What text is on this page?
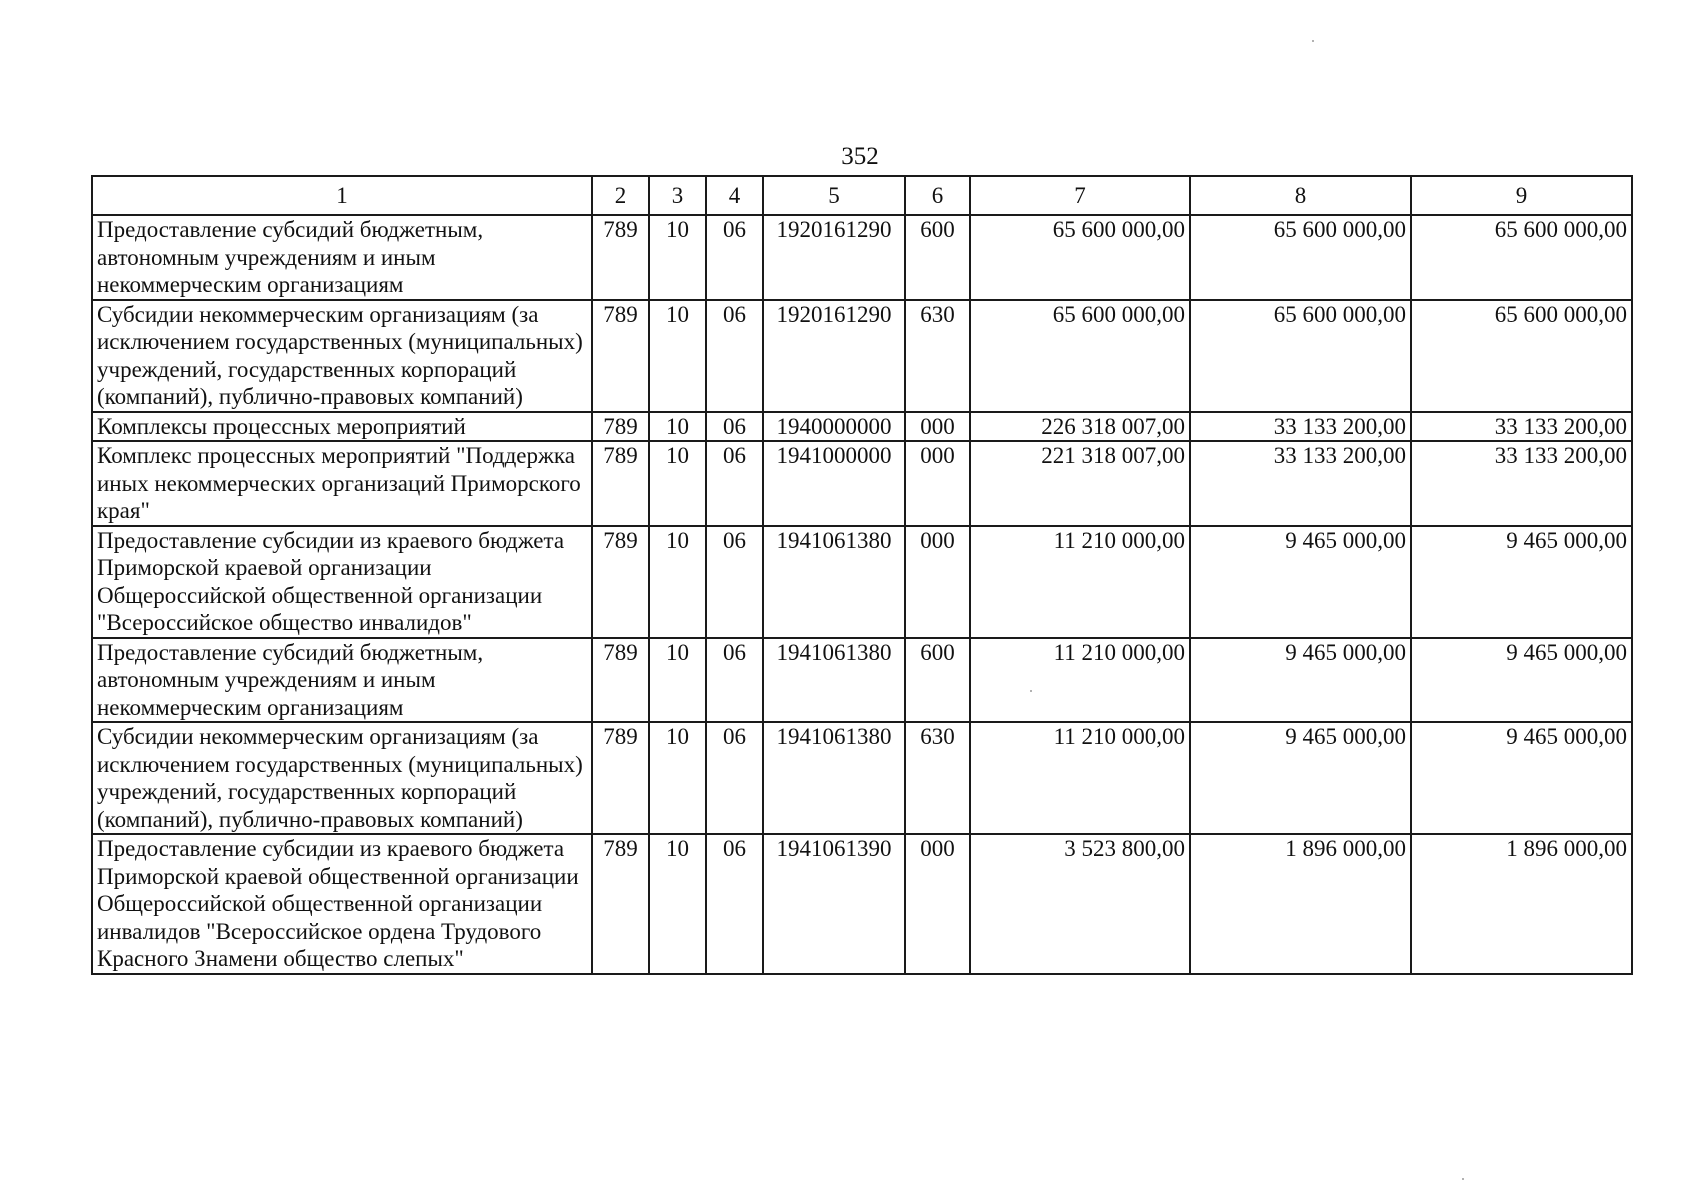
352
1	2	3	4	5	6	7	8	9
Предоставление субсидий бюджетным, автономным учреждениям и иным некоммерческим организациям	789	10	06	1920161290	600	65 600 000,00	65 600 000,00	65 600 000,00
Субсидии некоммерческим организациям (за исключением государственных (муниципальных) учреждений, государственных корпораций (компаний), публично-правовых компаний)	789	10	06	1920161290	630	65 600 000,00	65 600 000,00	65 600 000,00
Комплексы процессных мероприятий	789	10	06	1940000000	000	226 318 007,00	33 133 200,00	33 133 200,00
Комплекс процессных мероприятий "Поддержка иных некоммерческих организаций Приморского края"	789	10	06	1941000000	000	221 318 007,00	33 133 200,00	33 133 200,00
Предоставление субсидии из краевого бюджета Приморской краевой организации Общероссийской общественной организации "Всероссийское общество инвалидов"	789	10	06	1941061380	000	11 210 000,00	9 465 000,00	9 465 000,00
Предоставление субсидий бюджетным, автономным учреждениям и иным некоммерческим организациям	789	10	06	1941061380	600	11 210 000,00	9 465 000,00	9 465 000,00
Субсидии некоммерческим организациям (за исключением государственных (муниципальных) учреждений, государственных корпораций (компаний), публично-правовых компаний)	789	10	06	1941061380	630	11 210 000,00	9 465 000,00	9 465 000,00
Предоставление субсидии из краевого бюджета Приморской краевой общественной организации Общероссийской общественной организации инвалидов "Всероссийское ордена Трудового Красного Знамени общество слепых"	789	10	06	1941061390	000	3 523 800,00	1 896 000,00	1 896 000,00
